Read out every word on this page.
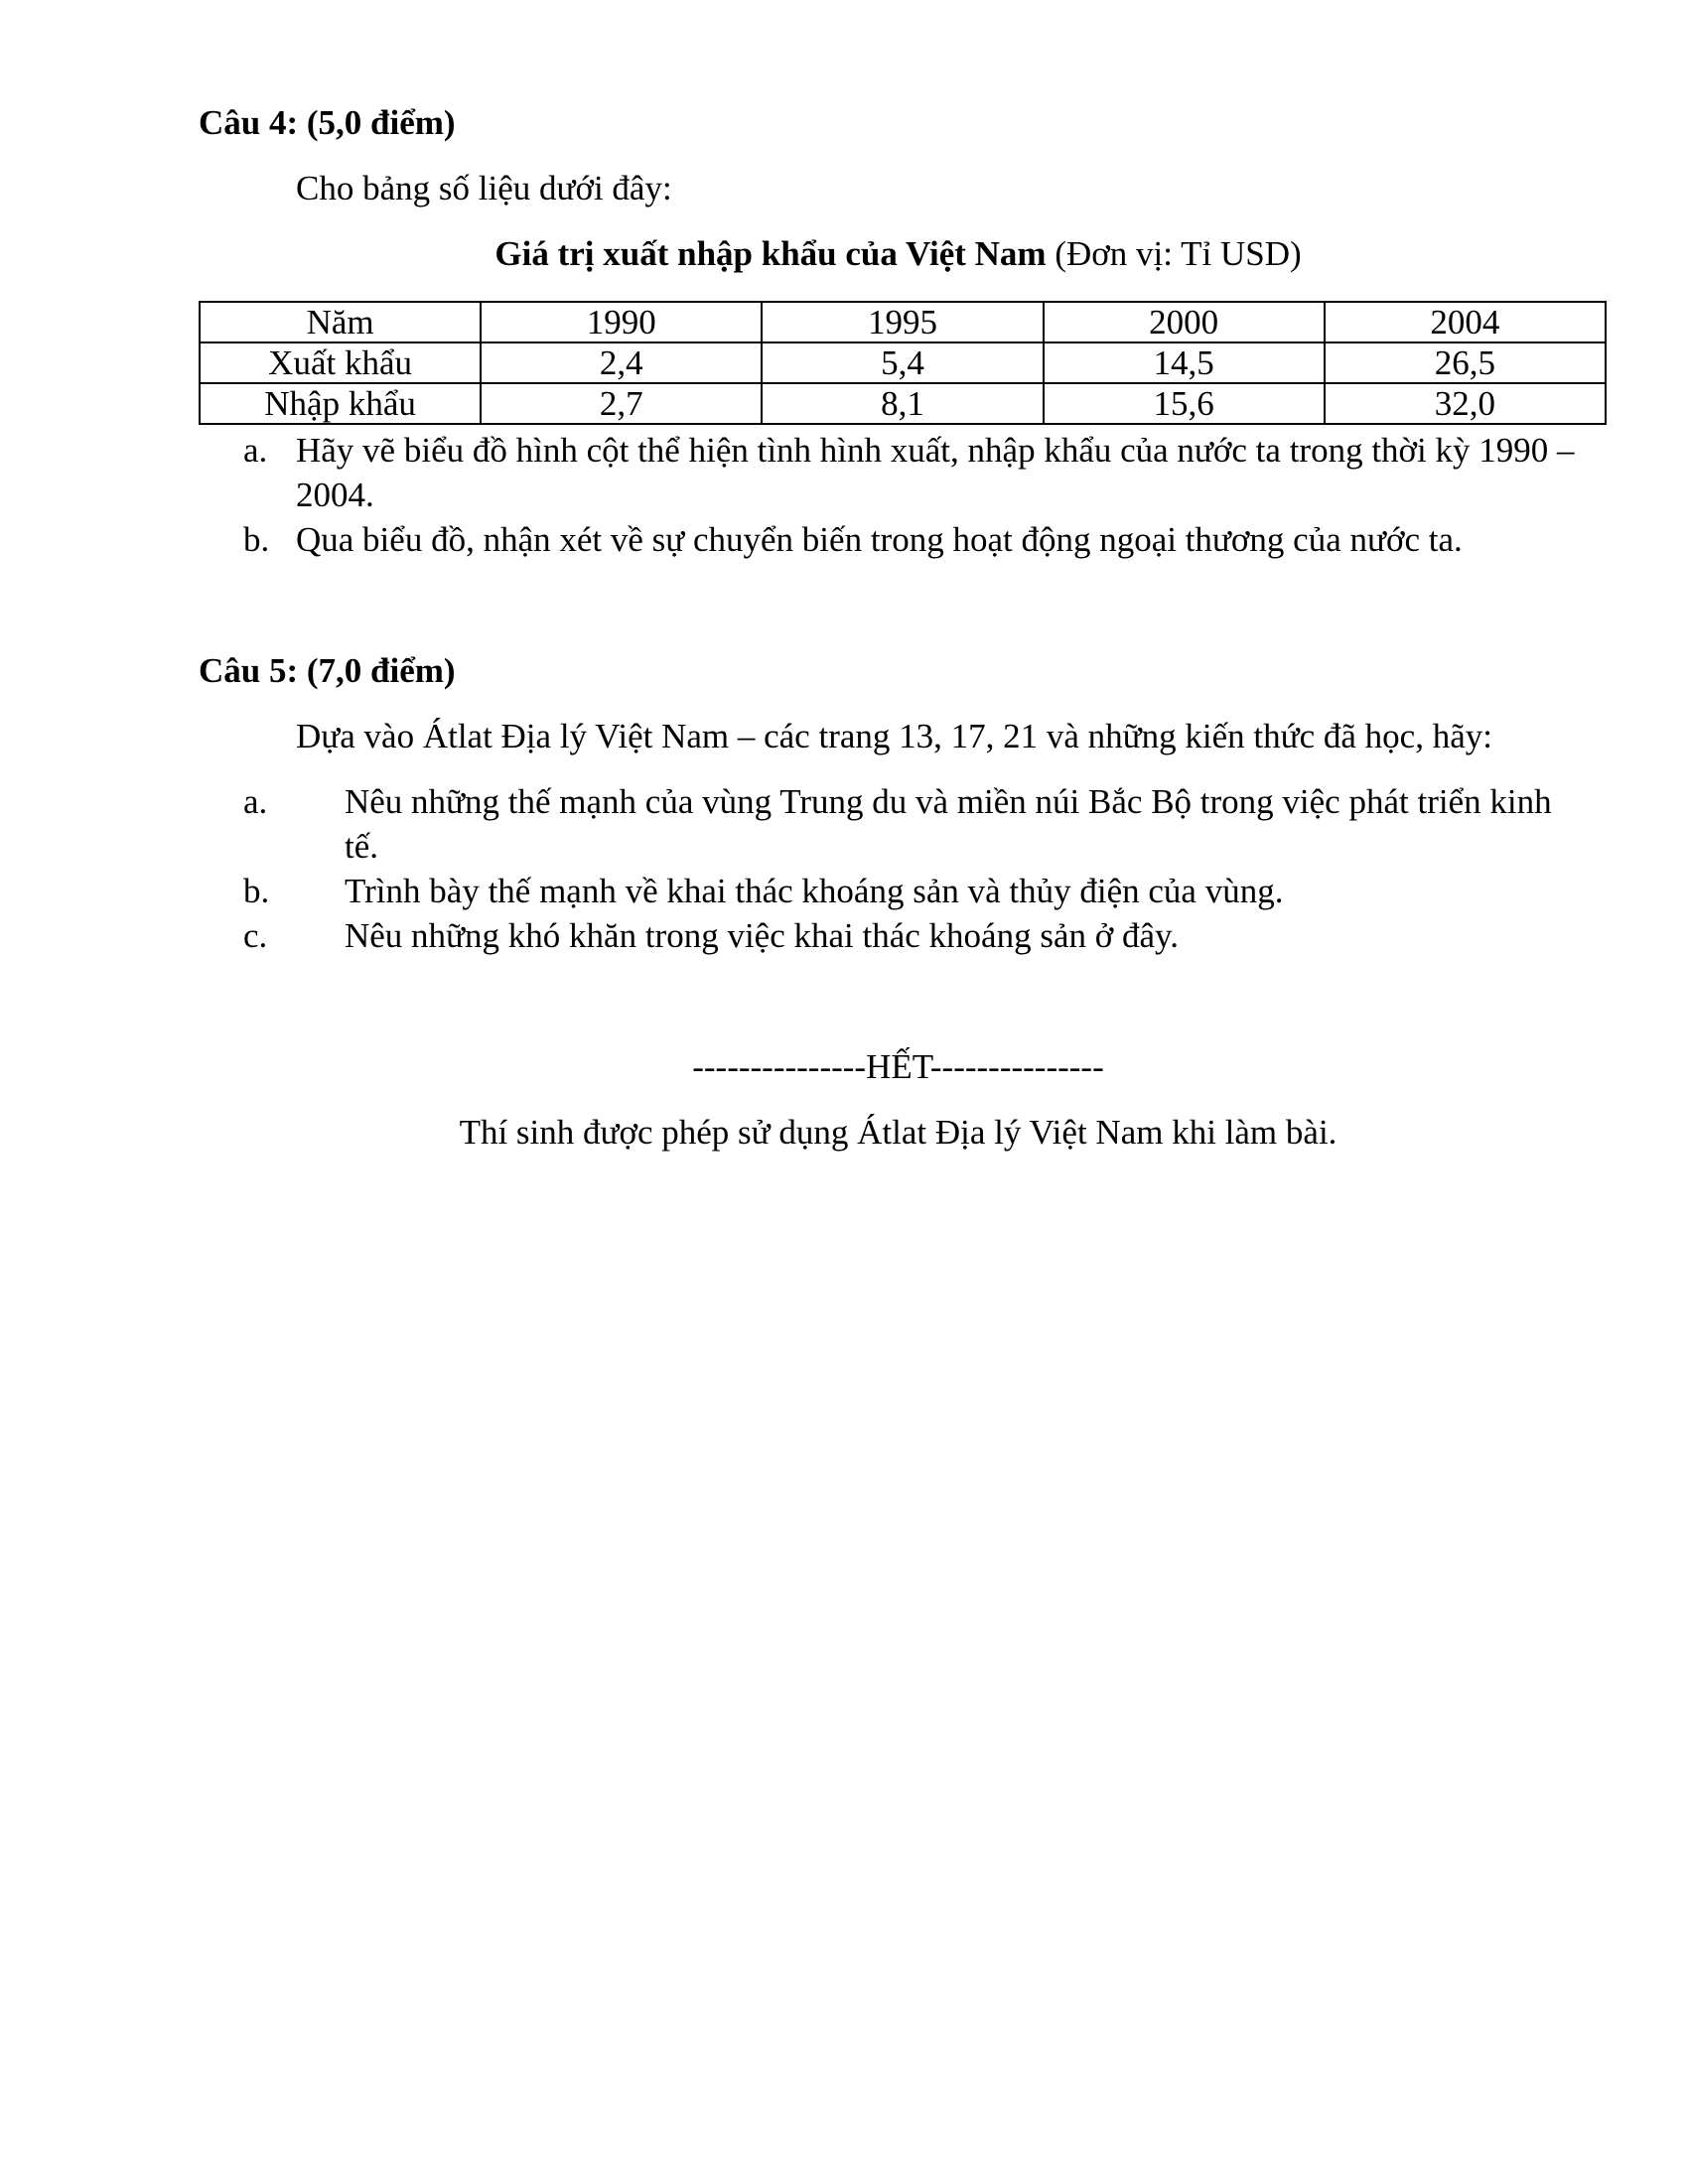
Câu 4: (5,0 điểm)
Cho bảng số liệu dưới đây:
Giá trị xuất nhập khẩu của Việt Nam (Đơn vị: Tỉ USD)
Năm	1990	1995	2000	2004
Xuất khẩu	2,4	5,4	14,5	26,5
Nhập khẩu	2,7	8,1	15,6	32,0
a. Hãy vẽ biểu đồ hình cột thể hiện tình hình xuất, nhập khẩu của nước ta trong thời kỳ 1990 –
2004.
b. Qua biểu đồ, nhận xét về sự chuyển biến trong hoạt động ngoại thương của nước ta.
Câu 5: (7,0 điểm)
Dựa vào Átlat Địa lý Việt Nam – các trang 13, 17, 21 và những kiến thức đã học, hãy:
a. Nêu những thế mạnh của vùng Trung du và miền núi Bắc Bộ trong việc phát triển kinh
tế.
b. Trình bày thế mạnh về khai thác khoáng sản và thủy điện của vùng.
c. Nêu những khó khăn trong việc khai thác khoáng sản ở đây.
---------------HẾT---------------
Thí sinh được phép sử dụng Átlat Địa lý Việt Nam khi làm bài.
